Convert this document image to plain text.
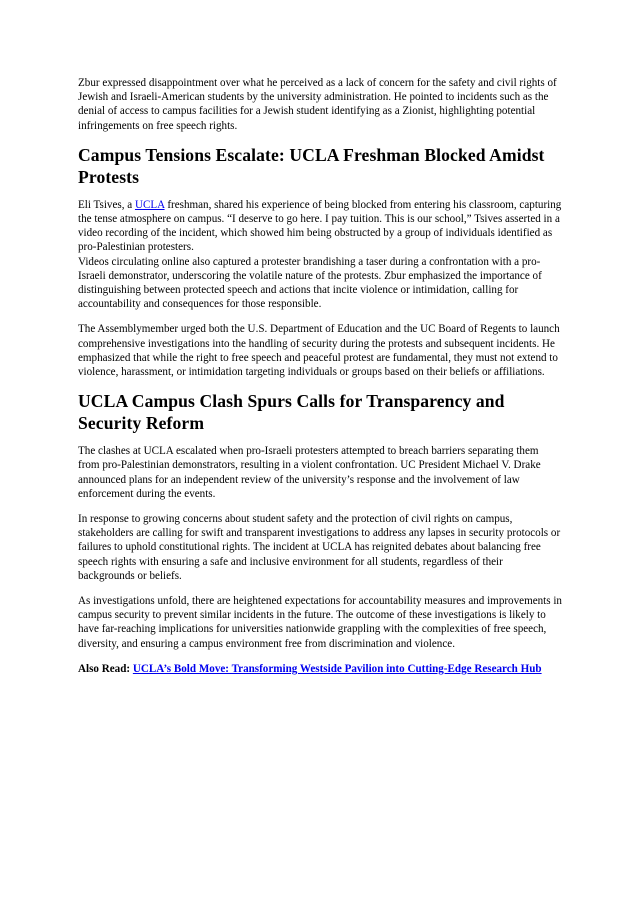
Zbur expressed disappointment over what he perceived as a lack of concern for the safety and civil rights of Jewish and Israeli-American students by the university administration. He pointed to incidents such as the denial of access to campus facilities for a Jewish student identifying as a Zionist, highlighting potential infringements on free speech rights.

Campus Tensions Escalate: UCLA Freshman Blocked Amidst Protests

Eli Tsives, a UCLA freshman, shared his experience of being blocked from entering his classroom, capturing the tense atmosphere on campus. “I deserve to go here. I pay tuition. This is our school,” Tsives asserted in a video recording of the incident, which showed him being obstructed by a group of individuals identified as pro-Palestinian protesters.

Videos circulating online also captured a protester brandishing a taser during a confrontation with a pro-Israeli demonstrator, underscoring the volatile nature of the protests. Zbur emphasized the importance of distinguishing between protected speech and actions that incite violence or intimidation, calling for accountability and consequences for those responsible.

The Assemblymember urged both the U.S. Department of Education and the UC Board of Regents to launch comprehensive investigations into the handling of security during the protests and subsequent incidents. He emphasized that while the right to free speech and peaceful protest are fundamental, they must not extend to violence, harassment, or intimidation targeting individuals or groups based on their beliefs or affiliations.

UCLA Campus Clash Spurs Calls for Transparency and Security Reform

The clashes at UCLA escalated when pro-Israeli protesters attempted to breach barriers separating them from pro-Palestinian demonstrators, resulting in a violent confrontation. UC President Michael V. Drake announced plans for an independent review of the university’s response and the involvement of law enforcement during the events.

In response to growing concerns about student safety and the protection of civil rights on campus, stakeholders are calling for swift and transparent investigations to address any lapses in security protocols or failures to uphold constitutional rights. The incident at UCLA has reignited debates about balancing free speech rights with ensuring a safe and inclusive environment for all students, regardless of their backgrounds or beliefs.

As investigations unfold, there are heightened expectations for accountability measures and improvements in campus security to prevent similar incidents in the future. The outcome of these investigations is likely to have far-reaching implications for universities nationwide grappling with the complexities of free speech, diversity, and ensuring a campus environment free from discrimination and violence.

Also Read: UCLA’s Bold Move: Transforming Westside Pavilion into Cutting-Edge Research Hub
